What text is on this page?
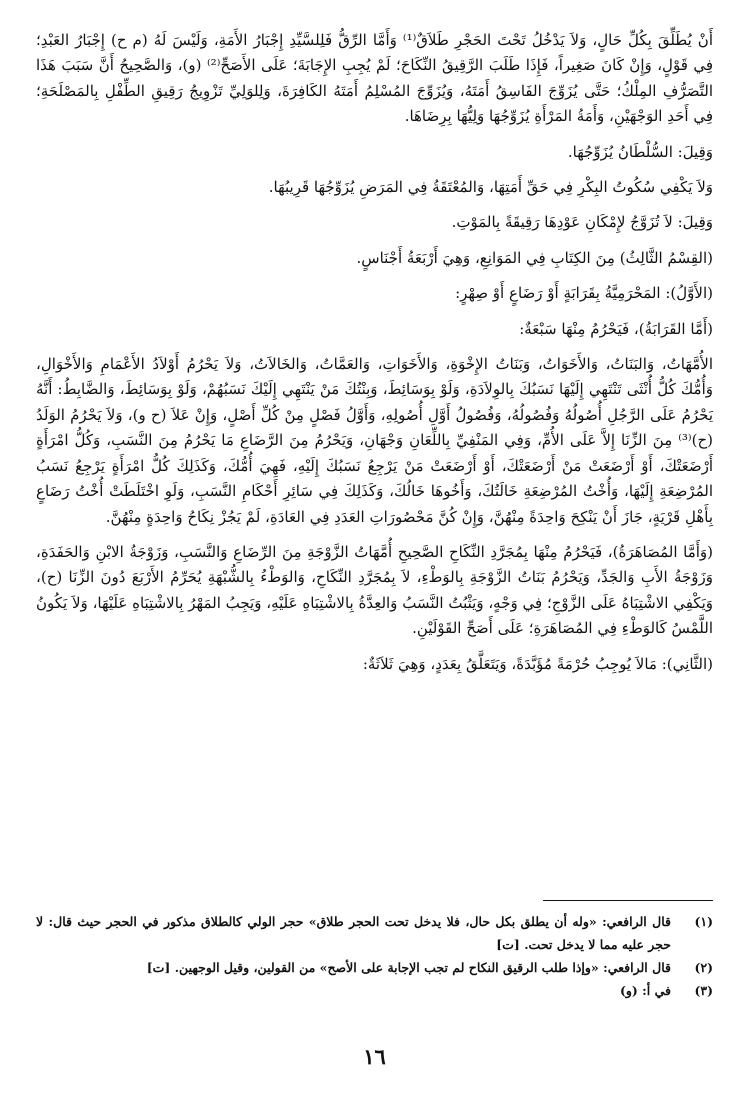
أَنْ يُطَلِّقَ بِكُلِّ حَالٍ، وَلاَ يَدْخُلُ تَحْتَ الحَجْرِ طَلاَقٌ⁽¹⁾ وَأَمَّا الرِّقُّ فَلِلسَّيِّدِ إِجْبَارُ الأَمَةِ، وَلَيْسَ لَهُ (م ح) إِجْبَارُ العَبْدِ؛ فِي قَوْلٍ، وَإِنْ كَانَ صَغِيراً، فَإِذَا طَلَبَ الرَّقِيقُ النِّكَاحَ؛ لَمْ يُجِبِ الإِجَابَةَ؛ عَلَى الأَصَحِّ⁽²⁾ (و)، وَالصَّحِيحُ أَنَّ سَبَبَ هَذَا التَّصَرُّفِ المِلْكُ؛ حَتَّى يُزَوِّجَ الفَاسِقُ أَمَتَهُ، وَيُزَوِّجَ المُسْلِمُ أَمَتَهُ الكَافِرَةَ، وَلِلوَلِيِّ تَزْوِيجُ رَقِيقِ الطِّفْلِ بِالمَصْلَحَةِ؛ فِي أَحَدِ الوَجْهَيْنِ، وَأَمَةُ المَرْأَةِ يُزَوِّجُهَا وَلِيُّهَا بِرِضَاهَا.

وَقِيلَ: السُّلْطَانُ يُزَوِّجُهَا.

وَلاَ يَكْفِي سُكُوتُ البِكْرِ فِي حَقِّ أَمَتِهَا، وَالمُعْتَقَةُ فِي المَرَضِ يُزَوِّجُهَا قَرِيبُهَا.

وَقِيلَ: لاَ تُزَوَّجُ لإِمْكَانِ عَوْدِهَا رَقِيقَةً بِالمَوْتِ.

(القِسْمُ الثَّالِثُ) مِنَ الكِتَابِ فِي المَوَانِعِ، وَهِيَ أَرْبَعَةُ أَجْنَاسٍ.

(الأَوَّلُ): المَحْرَمِيَّةُ بِقَرَابَةٍ أَوْ رَضَاعٍ أَوْ صِهْرٍ:

(أَمَّا القَرَابَةُ)، فَيَحْرُمُ مِنْهَا سَبْعَةٌ:

الأُمَّهَاتُ، وَالبَنَاتُ، وَالأَخَوَاتُ، وَبَنَاتُ الإِخْوَةِ، وَالأَخَوَاتِ، وَالعَمَّاتُ، وَالخَالاَتُ، وَلاَ يَحْرُمُ أَوْلاَدُ الأَعْمَامِ وَالأَخْوَالِ، وَأُمُّكَ كُلُّ أُنْثَى تَنْتَهِي إِلَيْهَا نَسَبُكَ بِالوِلاَدَةِ، وَلَوْ بِوَسَائِطَ، وَبِنْتُكَ مَنْ يَنْتَهِي إِلَيْكَ نَسَبُهُمْ، وَلَوْ بِوَسَائِطَ، وَالضَّابِطُ: أَنَّهُ يَحْرُمُ عَلَى الرَّجُلِ أُصُولُهُ وَفُصُولُهُ، وَفُصُولُ أَوَّلِ أُصُولِهِ، وَأَوَّلُ فَصْلٍ مِنْ كُلِّ أَصْلٍ، وَإِنْ عَلاَ (ح و)، وَلاَ يَحْرُمُ الوَلَدُ (ح)⁽³⁾ مِنَ الزِّنَا إِلاَّ عَلَى الأُمِّ، وَفِي المَنْفِيِّ بِاللِّعَانِ وَجْهَانِ، وَيَحْرُمُ مِنَ الرَّضَاعِ مَا يَحْرُمُ مِنَ النَّسَبِ، وَكُلُّ امْرَأَةٍ أَرْضَعَتْكَ، أَوْ أَرْضَعَتْ مَنْ أَرْضَعَتْكَ، أَوْ أَرْضَعَتْ مَنْ يَرْجِعُ نَسَبُكَ إِلَيْهِ، فَهِيَ أُمُّكَ، وَكَذَلِكَ كُلُّ امْرَأَةٍ يَرْجِعُ نَسَبُ المُرْضِعَةِ إِلَيْهَا، وَأُخْتُ المُرْضِعَةِ خَالَتُكَ، وَأَخُوهَا خَالُكَ، وَكَذَلِكَ فِي سَائِرِ أَحْكَامِ النَّسَبِ، وَلَوِ اخْتَلَطَتْ أُخْتُ رَضَاعٍ بِأَهْلِ قَرْيَةٍ، جَازَ أَنْ يَنْكِحَ وَاحِدَةً مِنْهُنَّ، وَإِنْ كُنَّ مَحْصُورَاتِ العَدَدِ فِي العَادَةِ، لَمْ يَجُزْ نِكَاحُ وَاحِدَةٍ مِنْهُنَّ.

(وَأَمَّا المُصَاهَرَةُ)، فَيَحْرُمُ مِنْهَا بِمُجَرَّدِ النِّكَاحِ الصَّحِيحِ أُمَّهَاتُ الزَّوْجَةِ مِنَ الرِّضَاعِ وَالنَّسَبِ، وَزَوْجَةُ الابْنِ وَالحَفَدَةِ، وَزَوْجَةُ الأَبِ وَالجَدِّ، وَيَحْرُمُ بَنَاتُ الزَّوْجَةِ بِالوَطْءِ، لاَ بِمُجَرَّدِ النِّكَاحِ، وَالوَطْءُ بِالشُّبْهَةِ يُحَرِّمُ الأَرْبَعَ دُونَ الزِّنَا (ح)، وَيَكْفِي الاشْتِبَاهُ عَلَى الزَّوْجِ؛ فِي وَجْهٍ، وَيَثْبُتُ النَّسَبُ وَالعِدَّةُ بِالاشْتِبَاهِ عَلَيْهِ، وَيَجِبُ المَهْرُ بِالاشْتِبَاهِ عَلَيْهَا، وَلاَ يَكُونُ اللَّمْسُ كَالوَطْءِ فِي المُصَاهَرَةِ؛ عَلَى أَصَحِّ القَوْلَيْنِ.

(الثَّانِي): مَالاَ يُوجِبُ حُرْمَةً مُؤَبَّدَةً، وَيَتَعَلَّقُ بِعَدَدٍ، وَهِيَ ثَلاَثَةٌ:

(١)
قال الرافعي: «وله أن يطلق بكل حال، فلا يدخل تحت الحجر طلاق» حجر الولي كالطلاق مذكور في الحجر حيث قال: لا حجر عليه مما لا يدخل تحت. [ت]
(٢)
قال الرافعي: «وإذا طلب الرقيق النكاح لم تجب الإجابة على الأصح» من القولين، وقيل الوجهين. [ت]
(٣)
في أ: (و)
١٦
